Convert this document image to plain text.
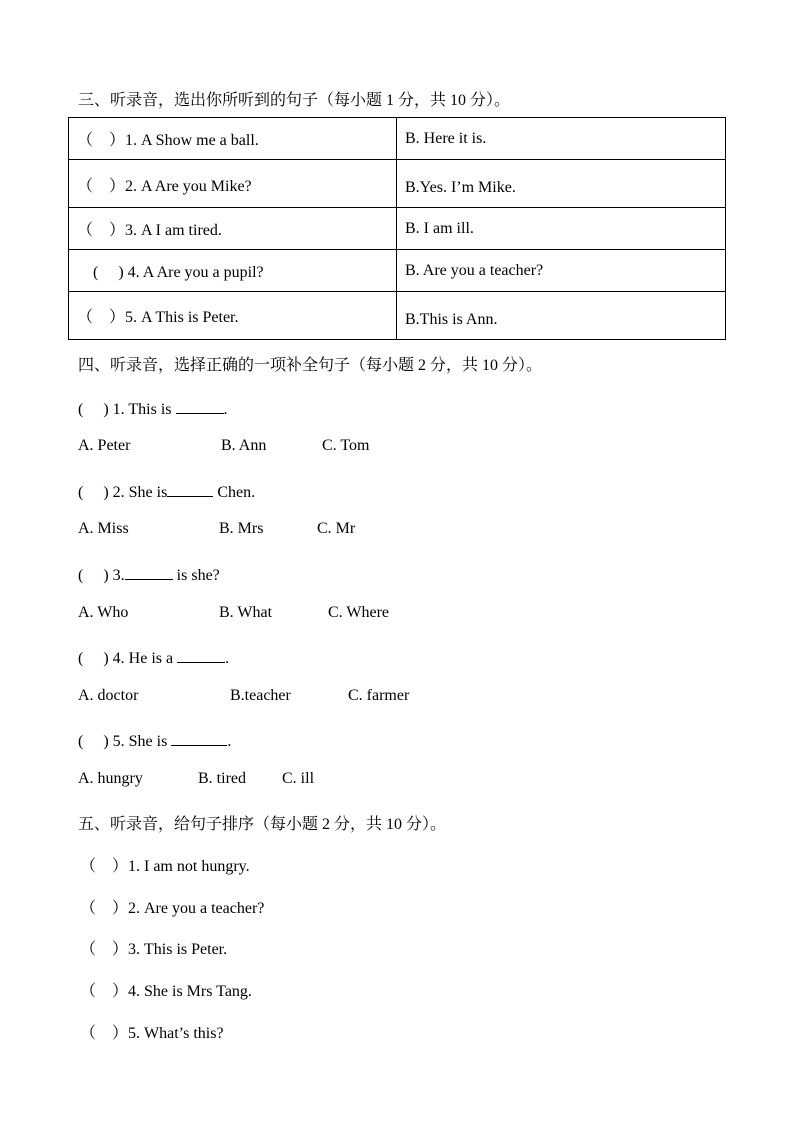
三、听录音，选出你所听到的句子（每小题 1 分，共 10 分）。
（　）1. A Show me a ball.	B. Here it is.
（　）2. A Are you Mike?	B.Yes. I’m Mike.
（　）3. A I am tired.	B. I am ill.
　( 　) 4. A Are you a pupil?	B. Are you a teacher?
（　）5. A This is Peter.	B.This is Ann.
四、听录音，选择正确的一项补全句子（每小题 2 分，共 10 分）。
( 　) 1. This is	.
A. Peter	B. Ann	C. Tom
( 　) 2. She is	Chen.
A. Miss	B. Mrs	C. Mr
( 　) 3.	is she?
A. Who	B. What	C. Where
( 　) 4. He is a	.
A. doctor	B.teacher	C. farmer
( 　) 5. She is	.
A. hungry	B. tired C. ill
五、听录音，给句子排序（每小题 2 分，共 10 分）。
（　）1. I am not hungry.
（　）2. Are you a teacher?
（　）3. This is Peter.
（　）4. She is Mrs Tang.
（　）5. What’s this?
